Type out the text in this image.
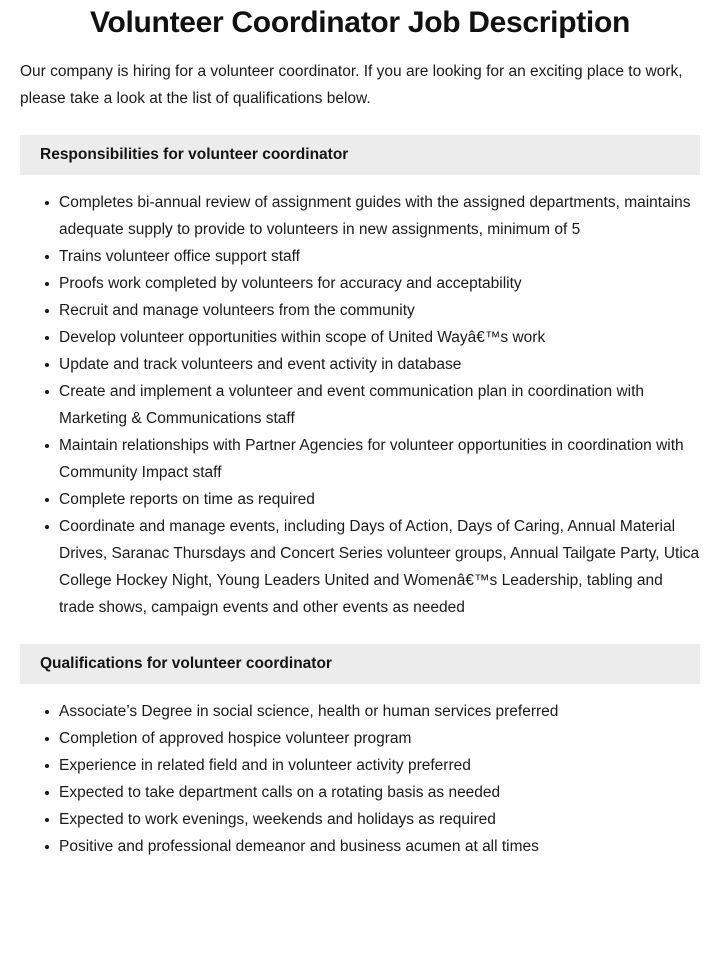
Volunteer Coordinator Job Description

Our company is hiring for a volunteer coordinator. If you are looking for an exciting place to work, please take a look at the list of qualifications below.

Responsibilities for volunteer coordinator
Completes bi-annual review of assignment guides with the assigned departments, maintains adequate supply to provide to volunteers in new assignments, minimum of 5
Trains volunteer office support staff
Proofs work completed by volunteers for accuracy and acceptability
Recruit and manage volunteers from the community
Develop volunteer opportunities within scope of United Wayâ€™s work
Update and track volunteers and event activity in database
Create and implement a volunteer and event communication plan in coordination with Marketing & Communications staff
Maintain relationships with Partner Agencies for volunteer opportunities in coordination with Community Impact staff
Complete reports on time as required
Coordinate and manage events, including Days of Action, Days of Caring, Annual Material Drives, Saranac Thursdays and Concert Series volunteer groups, Annual Tailgate Party, Utica College Hockey Night, Young Leaders United and Womenâ€™s Leadership, tabling and trade shows, campaign events and other events as needed
Qualifications for volunteer coordinator
Associate’s Degree in social science, health or human services preferred
Completion of approved hospice volunteer program
Experience in related field and in volunteer activity preferred
Expected to take department calls on a rotating basis as needed
Expected to work evenings, weekends and holidays as required
Positive and professional demeanor and business acumen at all times
